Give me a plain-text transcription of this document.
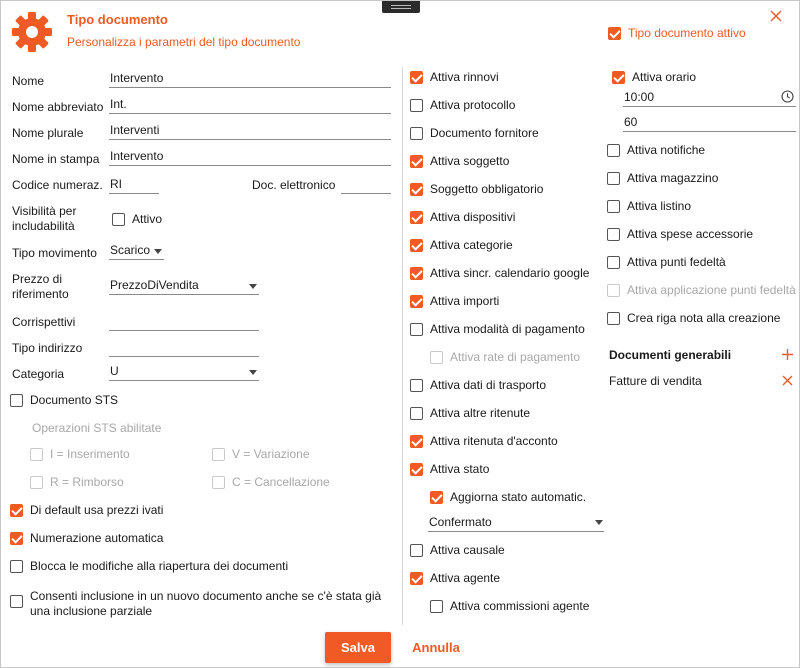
Tipo documento
Personalizza i parametri del tipo documento
Tipo documento attivo
Nome	Intervento
Nome abbreviato Int.
Nome plurale Interventi
Nome in stampa Intervento
Codice numeraz. RI	Doc. elettronico
Visibilità per includabilità	Attivo
Tipo movimento Scarico
Prezzo di riferimento
PrezzoDiVendita
Corrispettivi
Tipo indirizzo
Categoria	U
Documento STS
Operazioni STS abilitate
I = Inserimento	V = Variazione
R = Rimborso	C = Cancellazione
Di default usa prezzi ivati
Numerazione automatica
Blocca le modifiche alla riapertura dei documenti
Consenti inclusione in un nuovo documento anche se c'è stata già una inclusione parziale
Attiva rinnovi
Attiva protocollo
Documento fornitore
Attiva soggetto
Soggetto obbligatorio
Attiva dispositivi
Attiva categorie
Attiva sincr. calendario google
Attiva importi
Attiva modalità di pagamento
Attiva rate di pagamento
Attiva dati di trasporto
Attiva altre ritenute
Attiva ritenuta d'acconto
Attiva stato
Aggiorna stato automatic.
Confermato
Attiva causale
Attiva agente
Attiva commissioni agente
Attiva orario
10:00
60
Attiva notifiche
Attiva magazzino
Attiva listino
Attiva spese accessorie
Attiva punti fedeltà
Attiva applicazione punti fedeltà
Crea riga nota alla creazione
Documenti generabili
Fatture di vendita
Salva	Annulla
